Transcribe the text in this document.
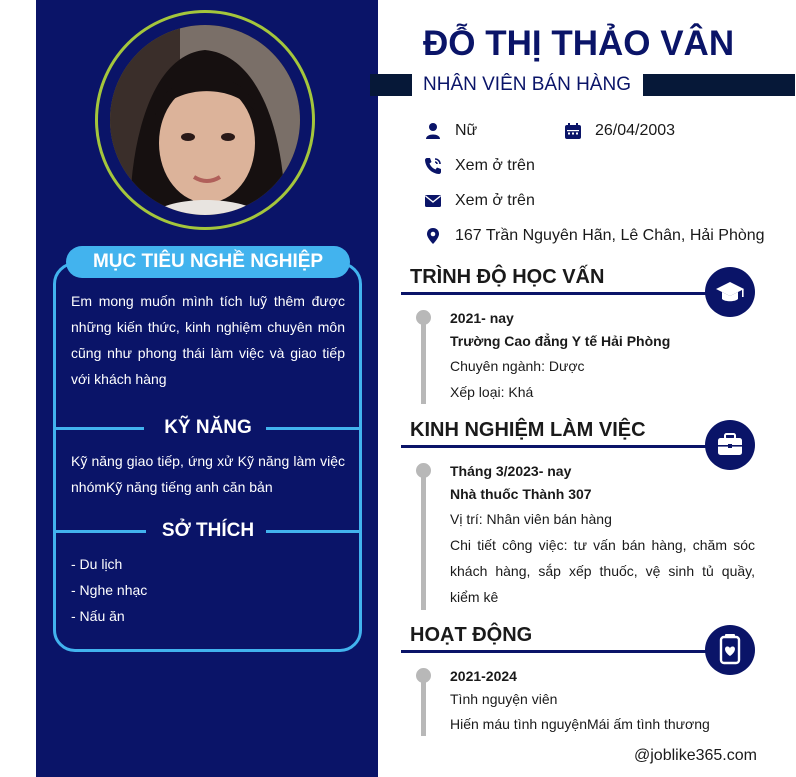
MỤC TIÊU NGHỀ NGHIỆP
Em mong muốn mình tích luỹ thêm được những kiến thức, kinh nghiệm chuyên môn cũng như phong thái làm việc và giao tiếp với khách hàng
KỸ NĂNG
Kỹ năng giao tiếp, ứng xử Kỹ năng làm việc nhómKỹ năng tiếng anh căn bản
SỞ THÍCH
- Du lịch
- Nghe nhạc
- Nấu ăn
ĐỖ THỊ THẢO VÂN
NHÂN VIÊN BÁN HÀNG
Nữ	26/04/2003
Xem ở trên
Xem ở trên
167 Trần Nguyên Hãn, Lê Chân, Hải Phòng
TRÌNH ĐỘ HỌC VẤN
2021- nay
Trường Cao đẳng Y tế Hải Phòng
Chuyên ngành: Dược
Xếp loại: Khá
KINH NGHIỆM LÀM VIỆC
Tháng 3/2023- nay
Nhà thuốc Thành 307
Vị trí: Nhân viên bán hàng
Chi tiết công việc: tư vấn bán hàng, chăm sóc khách hàng, sắp xếp thuốc, vệ sinh tủ quầy, kiểm kê
HOẠT ĐỘNG
2021-2024
Tình nguyện viên
Hiến máu tình nguyệnMái ấm tình thương
@joblike365.com
